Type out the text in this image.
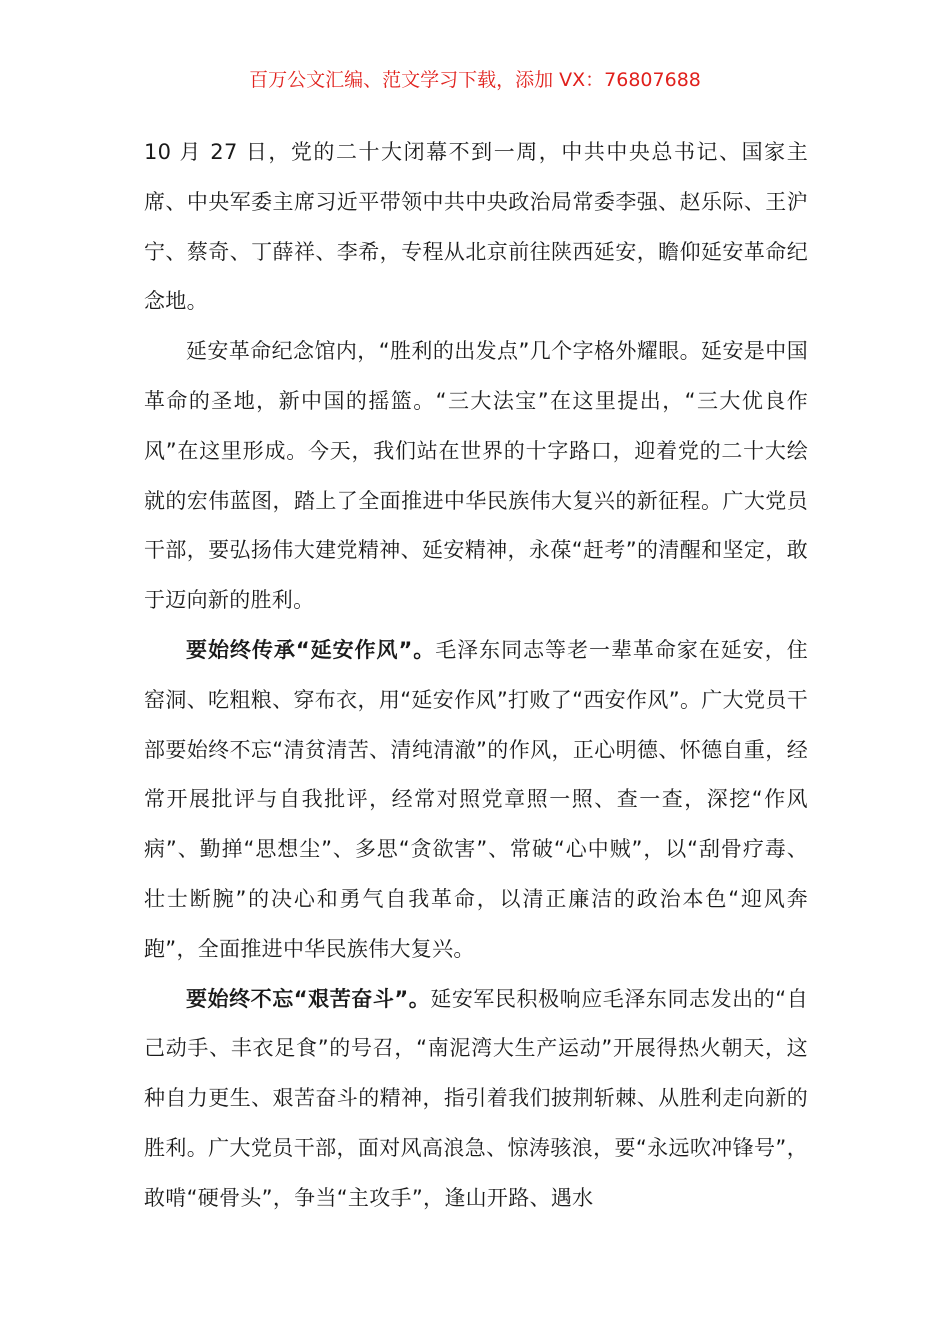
百万公文汇编、范文学习下载，添加 VX：76807688

10 月 27 日，党的二十大闭幕不到一周，中共中央总书记、国家主席、中央军委主席习近平带领中共中央政治局常委李强、赵乐际、王沪宁、蔡奇、丁薛祥、李希，专程从北京前往陕西延安，瞻仰延安革命纪念地。

延安革命纪念馆内，“胜利的出发点”几个字格外耀眼。延安是中国革命的圣地，新中国的摇篮。“三大法宝”在这里提出，“三大优良作风”在这里形成。今天，我们站在世界的十字路口，迎着党的二十大绘就的宏伟蓝图，踏上了全面推进中华民族伟大复兴的新征程。广大党员干部，要弘扬伟大建党精神、延安精神，永葆“赶考”的清醒和坚定，敢于迈向新的胜利。

要始终传承“延安作风”。毛泽东同志等老一辈革命家在延安，住窑洞、吃粗粮、穿布衣，用“延安作风”打败了“西安作风”。广大党员干部要始终不忘“清贫清苦、清纯清澈”的作风，正心明德、怀德自重，经常开展批评与自我批评，经常对照党章照一照、查一查，深挖“作风病”、勤掸“思想尘”、多思“贪欲害”、常破“心中贼”，以“刮骨疗毒、壮士断腕”的决心和勇气自我革命，以清正廉洁的政治本色“迎风奔跑”，全面推进中华民族伟大复兴。

要始终不忘“艰苦奋斗”。延安军民积极响应毛泽东同志发出的“自己动手、丰衣足食”的号召，“南泥湾大生产运动”开展得热火朝天，这种自力更生、艰苦奋斗的精神，指引着我们披荆斩棘、从胜利走向新的胜利。广大党员干部，面对风高浪急、惊涛骇浪，要“永远吹冲锋号”，敢啃“硬骨头”，争当“主攻手”，逢山开路、遇水
